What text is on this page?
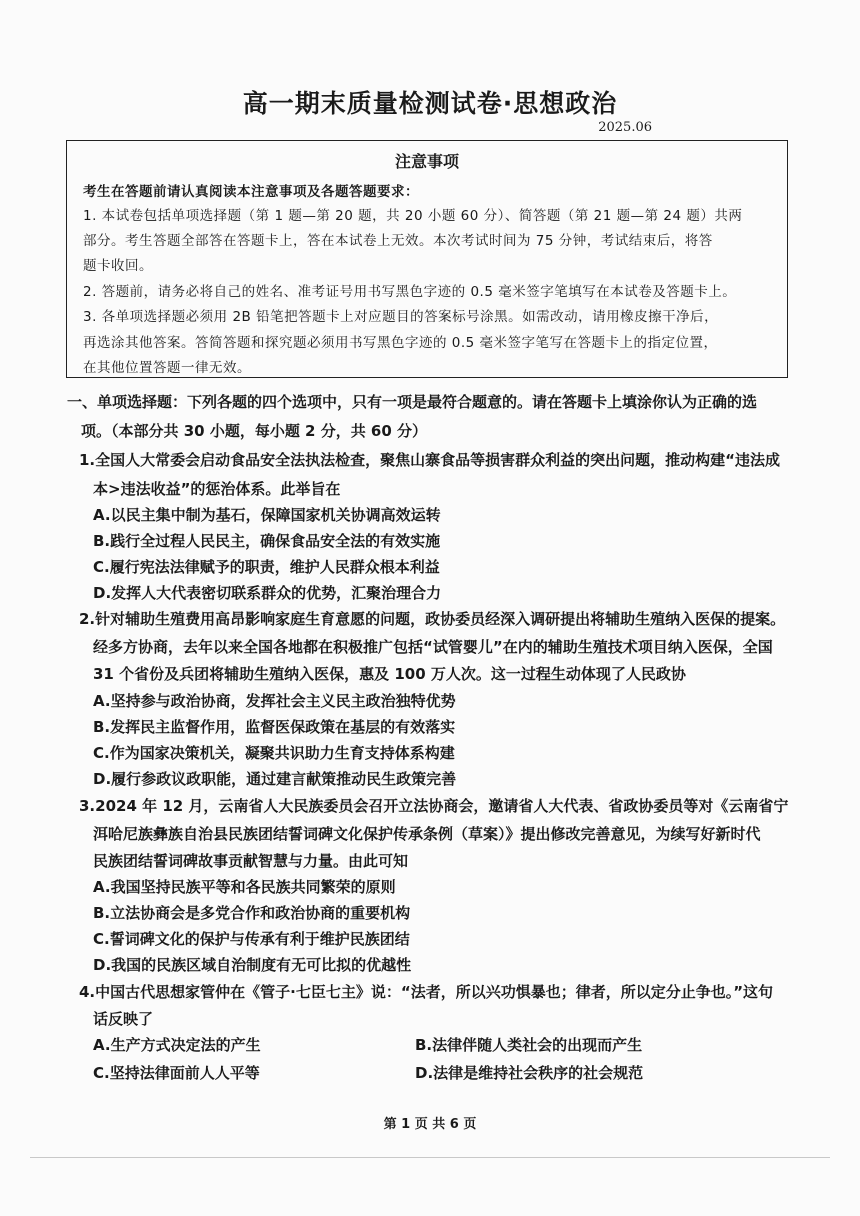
高一期末质量检测试卷·思想政治
2025.06
注意事项
考生在答题前请认真阅读本注意事项及各题答题要求：
1. 本试卷包括单项选择题（第 1 题—第 20 题，共 20 小题 60 分）、简答题（第 21 题—第 24 题）共两
部分。考生答题全部答在答题卡上，答在本试卷上无效。本次考试时间为 75 分钟，考试结束后，将答
题卡收回。
2. 答题前，请务必将自己的姓名、准考证号用书写黑色字迹的 0.5 毫米签字笔填写在本试卷及答题卡上。
3. 各单项选择题必须用 2B 铅笔把答题卡上对应题目的答案标号涂黑。如需改动，请用橡皮擦干净后，
再选涂其他答案。答简答题和探究题必须用书写黑色字迹的 0.5 毫米签字笔写在答题卡上的指定位置，
在其他位置答题一律无效。
一、单项选择题：下列各题的四个选项中，只有一项是最符合题意的。请在答题卡上填涂你认为正确的选
项。（本部分共 30 小题，每小题 2 分，共 60 分）
1.全国人大常委会启动食品安全法执法检查，聚焦山寨食品等损害群众利益的突出问题，推动构建“违法成
本>违法收益”的惩治体系。此举旨在
A.以民主集中制为基石，保障国家机关协调高效运转
B.践行全过程人民民主，确保食品安全法的有效实施
C.履行宪法法律赋予的职责，维护人民群众根本利益
D.发挥人大代表密切联系群众的优势，汇聚治理合力
2.针对辅助生殖费用高昂影响家庭生育意愿的问题，政协委员经深入调研提出将辅助生殖纳入医保的提案。
经多方协商，去年以来全国各地都在积极推广包括“试管婴儿”在内的辅助生殖技术项目纳入医保，全国
31 个省份及兵团将辅助生殖纳入医保，惠及 100 万人次。这一过程生动体现了人民政协
A.坚持参与政治协商，发挥社会主义民主政治独特优势
B.发挥民主监督作用，监督医保政策在基层的有效落实
C.作为国家决策机关，凝聚共识助力生育支持体系构建
D.履行参政议政职能，通过建言献策推动民生政策完善
3.2024 年 12 月，云南省人大民族委员会召开立法协商会，邀请省人大代表、省政协委员等对《云南省宁
洱哈尼族彝族自治县民族团结誓词碑文化保护传承条例（草案）》提出修改完善意见，为续写好新时代
民族团结誓词碑故事贡献智慧与力量。由此可知
A.我国坚持民族平等和各民族共同繁荣的原则
B.立法协商会是多党合作和政治协商的重要机构
C.誓词碑文化的保护与传承有利于维护民族团结
D.我国的民族区域自治制度有无可比拟的优越性
4.中国古代思想家管仲在《管子·七臣七主》说：“法者，所以兴功惧暴也；律者，所以定分止争也。”这句
话反映了
A.生产方式决定法的产生	B.法律伴随人类社会的出现而产生
C.坚持法律面前人人平等	D.法律是维持社会秩序的社会规范
第 1 页 共 6 页
